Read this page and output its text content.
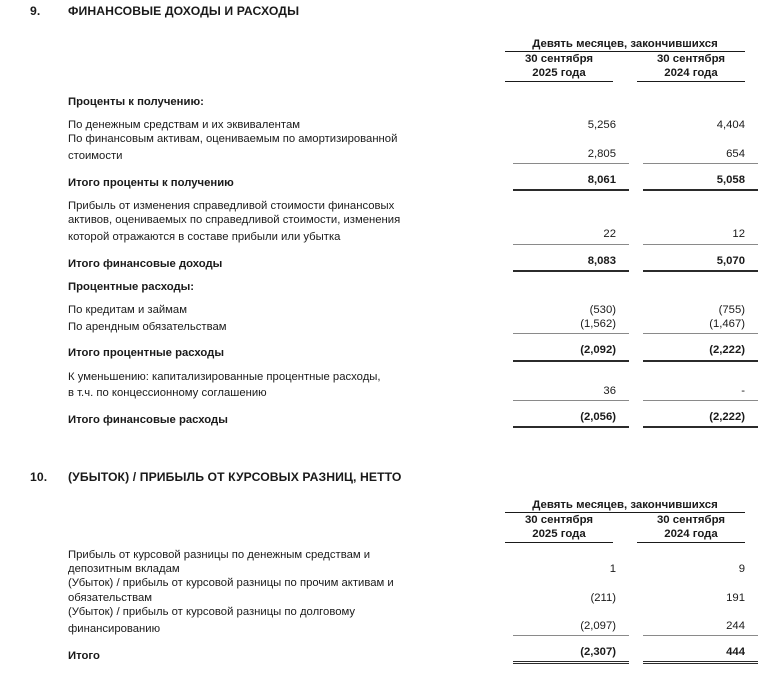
9.	ФИНАНСОВЫЕ ДОХОДЫ И РАСХОДЫ
Девять месяцев, закончившихся
30 сентября
2025 года
30 сентября
2024 года
Проценты к получению:			
По денежным средствам и их эквивалентам	5,256		4,404
По финансовым активам, оцениваемым по амортизированной			
стоимости	2,805		654
Итого проценты к получению	8,061		5,058
Прибыль от изменения справедливой стоимости финансовых			
активов, оцениваемых по справедливой стоимости, изменения			
которой отражаются в составе прибыли или убытка	22		12
Итого финансовые доходы	8,083		5,070
Процентные расходы:			
По кредитам и займам	(530)		(755)
По арендным обязательствам	(1,562)		(1,467)
Итого процентные расходы	(2,092)		(2,222)
К уменьшению: капитализированные процентные расходы,			
в т.ч. по концессионному соглашению	36		-
Итого финансовые расходы	(2,056)		(2,222)
10.	(УБЫТОК) / ПРИБЫЛЬ ОТ КУРСОВЫХ РАЗНИЦ, НЕТТО
Девять месяцев, закончившихся
30 сентября
2025 года
30 сентября
2024 года
Прибыль от курсовой разницы по денежным средствам и			
депозитным вкладам	1		9
(Убыток) / прибыль от курсовой разницы по прочим активам и			
обязательствам	(211)		191
(Убыток) / прибыль от курсовой разницы по долговому			
финансированию	(2,097)		244
Итого	(2,307)		444
